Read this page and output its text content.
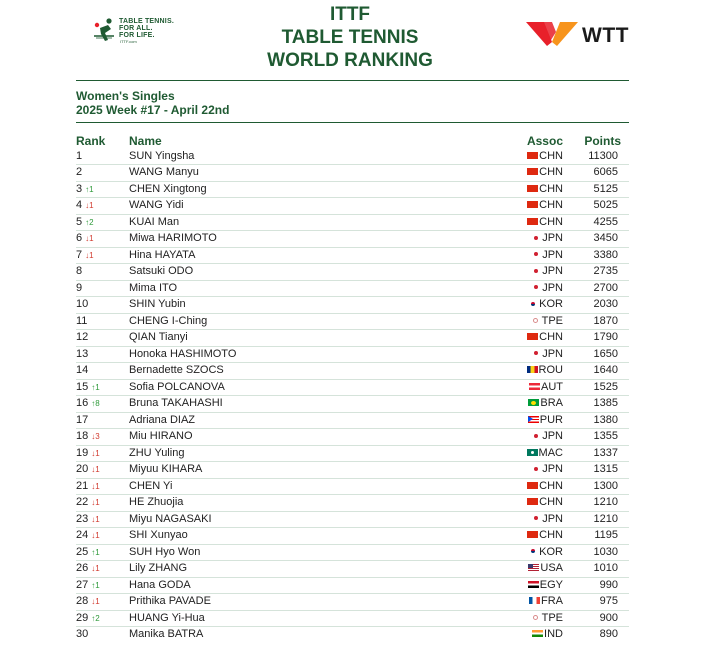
TABLE TENNIS.
FOR ALL.
FOR LIFE.
ITTF.com
ITTF
TABLE TENNIS
WORLD RANKING
WTT
Women's Singles
2025 Week #17 - April 22nd
Rank Name	Assoc Points
1	SUN Yingsha	CHN 11300
2	WANG Manyu	CHN	6065
3 ↑1	CHEN Xingtong	CHN	5125
4 ↓1	WANG Yidi	CHN	5025
5 ↑2	KUAI Man	CHN	4255
6 ↓1	Miwa HARIMOTO	JPN	3450
7 ↓1	Hina HAYATA	JPN	3380
8	Satsuki ODO	JPN	2735
9	Mima ITO	JPN	2700
10	SHIN Yubin	KOR	2030
11	CHENG I-Ching	TPE	1870
12	QIAN Tianyi	CHN	1790
13	Honoka HASHIMOTO	JPN	1650
14	Bernadette SZOCS	ROU	1640
15 ↑1	Sofia POLCANOVA	AUT	1525
16 ↑8	Bruna TAKAHASHI	BRA	1385
17	Adriana DIAZ	PUR	1380
18 ↓3	Miu HIRANO	JPN	1355
19 ↓1	ZHU Yuling	MAC	1337
20 ↓1	Miyuu KIHARA	JPN	1315
21 ↓1	CHEN Yi	CHN	1300
22 ↓1	HE Zhuojia	CHN	1210
23 ↓1	Miyu NAGASAKI	JPN	1210
24 ↓1	SHI Xunyao	CHN	1195
25 ↑1	SUH Hyo Won	KOR	1030
26 ↓1	Lily ZHANG	USA	1010
27 ↑1	Hana GODA	EGY	990
28 ↓1	Prithika PAVADE	FRA	975
29 ↑2	HUANG Yi-Hua	TPE	900
30	Manika BATRA	IND	890
